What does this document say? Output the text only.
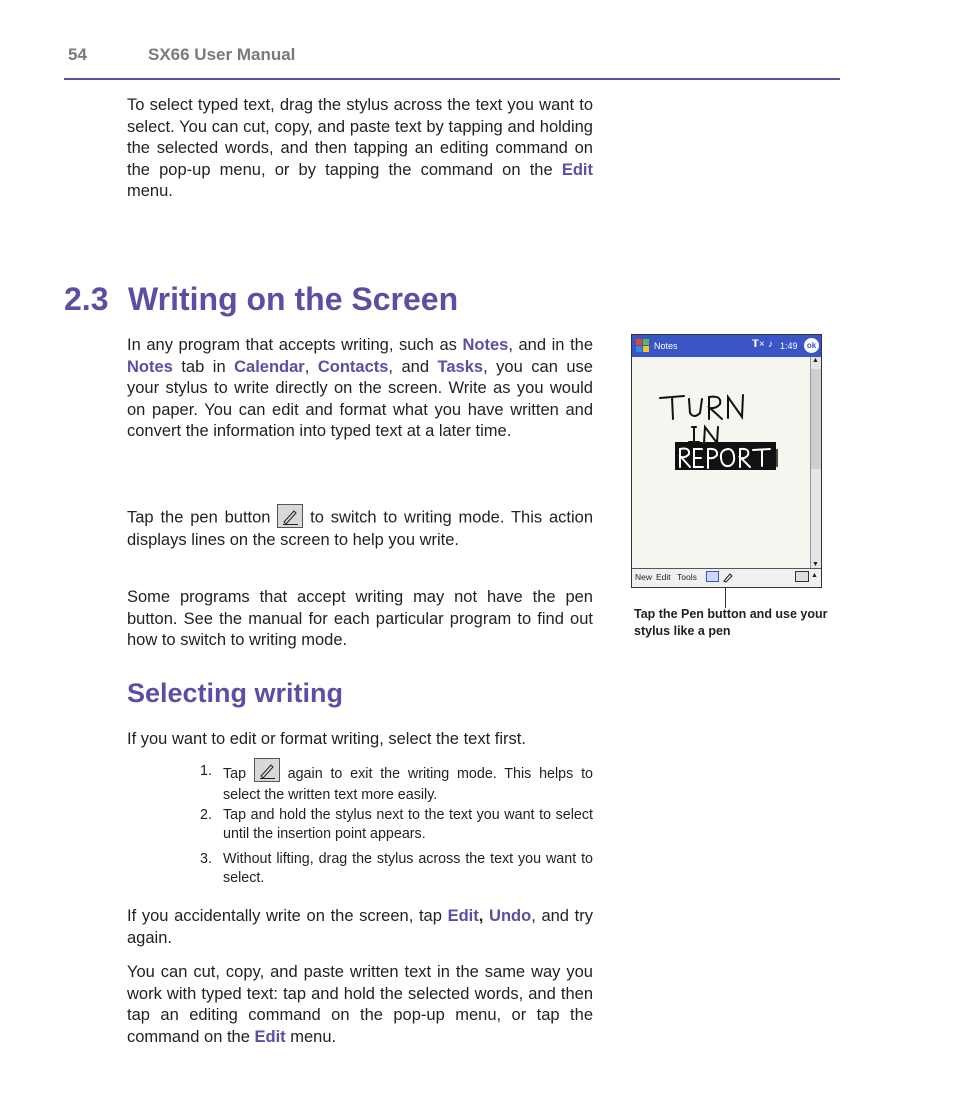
54	SX66 User Manual

To select typed text, drag the stylus across the text you want to select. You can cut, copy, and paste text by tapping and holding the selected words, and then tapping an editing command on the pop-up menu, or by tapping the command on the Edit menu.

2.3 Writing on the Screen

In any program that accepts writing, such as Notes, and in the Notes tab in Calendar, Contacts, and Tasks, you can use your stylus to write directly on the screen. Write as you would on paper. You can edit and format what you have written and convert the information into typed text at a later time.

Tap the pen button  to switch to writing mode. This action displays lines on the screen to help you write.

Some programs that accept writing may not have the pen button. See the manual for each particular program to find out how to switch to writing mode.

Selecting writing

If you want to edit or format writing, select the text first.

1. Tap  again to exit the writing mode. This helps to select the written text more easily.
2. Tap and hold the stylus next to the text you want to select until the insertion point appears.
3. Without lifting, drag the stylus across the text you want to select.

If you accidentally write on the screen, tap Edit, Undo, and try again.

You can cut, copy, and paste written text in the same way you work with typed text: tap and hold the selected words, and then tap an editing command on the pop-up menu, or tap the command on the Edit menu.

Notes	𝗧× ♪ 1:49	ok
▲
▼
New Edit Tools	▲
Tap the Pen button and use your stylus like a pen
